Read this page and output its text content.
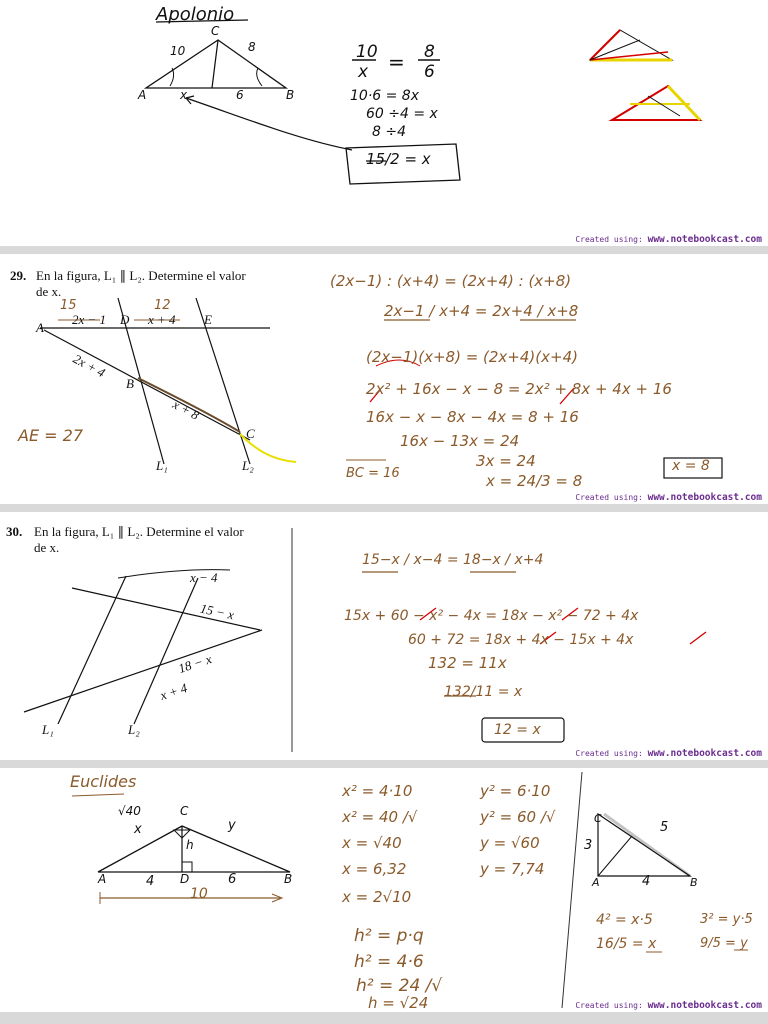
Apolonio
C
10	8
A	x	6	B
10
x = 8
6
10·6 = 8x
60 ÷4 = x
8 ÷4
15/2 = x
Created using: www.notebookcast.com
29. En la figura, L₁ ∥ L₂. Determine el valor
de x.
15	12
A
2x − 1 D x + 4 E
2x + 4
B
x + 8
C
L₁	L₂
AE = 27
BC = 16
(2x−1) : (x+4) = (2x+4) : (x+8)
2x−1 / x+4 = 2x+4 / x+8
(2x−1)(x+8) = (2x+4)(x+4)
2x² + 16x − x − 8 = 2x² + 8x + 4x + 16
16x − x − 8x − 4x = 8 + 16
16x − 13x = 24
3x = 24
x = 24/3 = 8
x = 8
Created using: www.notebookcast.com
30. En la figura, L₁ ∥ L₂. Determine el valor
de x.
x − 4
15 − x
18 − x
x + 4
L₁	L₂
15−x / x−4 = 18−x / x+4
15x + 60 − x² − 4x = 18x − x² − 72 + 4x
60 + 72 = 18x + 4x − 15x + 4x
132 = 11x
132/11 = x
12 = x
Created using: www.notebookcast.com
Euclides
√40	C
x	y
h
A	4 D	6	B
10
x² = 4·10
x² = 40 /√
x = √40
x = 6,32
x = 2√10
y² = 6·10
y² = 60 /√
y = √60
y = 7,74
h² = p·q
h² = 4·6
h² = 24 /√
h = √24
C
3
5
A	4	B
4² = x·5
16/5 = x
3² = y·5
9/5 = y
Created using: www.notebookcast.com
